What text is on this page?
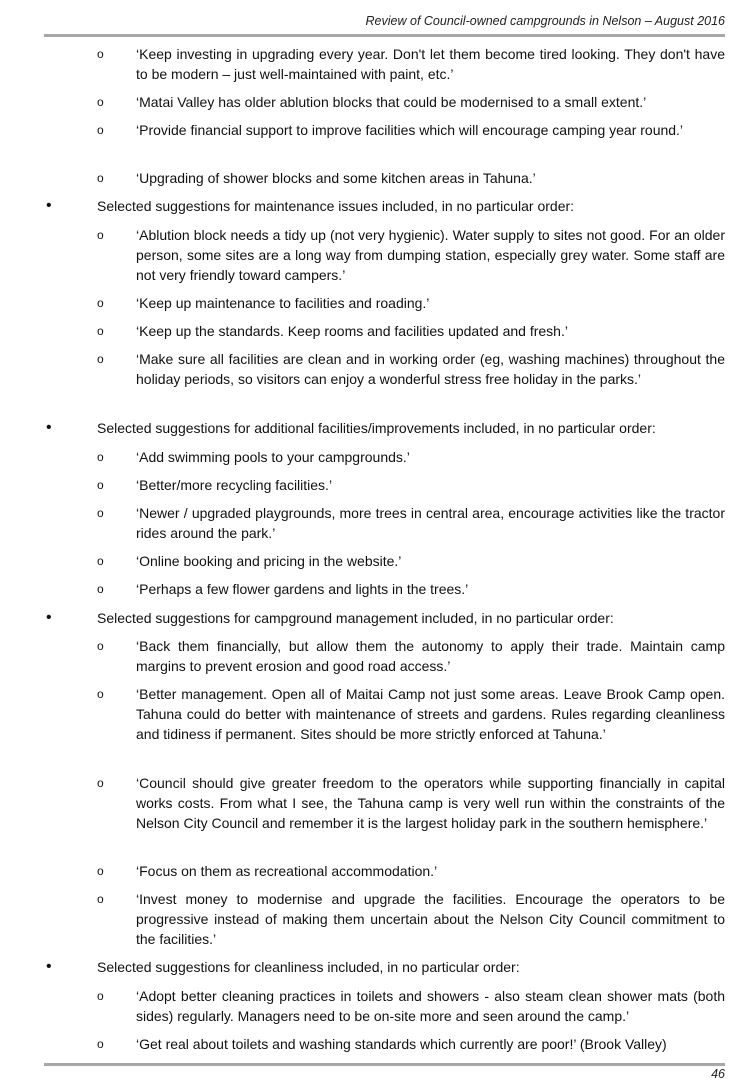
Review of Council-owned campgrounds in Nelson – August 2016
o ‘Keep investing in upgrading every year. Don't let them become tired looking. They don't have to be modern – just well-maintained with paint, etc.’

o ‘Matai Valley has older ablution blocks that could be modernised to a small extent.’

o ‘Provide financial support to improve facilities which will encourage camping year round.’

o ‘Upgrading of shower blocks and some kitchen areas in Tahuna.’

•	Selected suggestions for maintenance issues included, in no particular order:

o ‘Ablution block needs a tidy up (not very hygienic). Water supply to sites not good. For an older person, some sites are a long way from dumping station, especially grey water. Some staff are not very friendly toward campers.’

o ‘Keep up maintenance to facilities and roading.’

o ‘Keep up the standards. Keep rooms and facilities updated and fresh.’

o ‘Make sure all facilities are clean and in working order (eg, washing machines) throughout the holiday periods, so visitors can enjoy a wonderful stress free holiday in the parks.’

•	Selected suggestions for additional facilities/improvements included, in no particular order:

o ‘Add swimming pools to your campgrounds.’

o ‘Better/more recycling facilities.’

o ‘Newer / upgraded playgrounds, more trees in central area, encourage activities like the tractor rides around the park.’

o ‘Online booking and pricing in the website.’

o ‘Perhaps a few flower gardens and lights in the trees.’

•	Selected suggestions for campground management included, in no particular order:

o ‘Back them financially, but allow them the autonomy to apply their trade. Maintain camp margins to prevent erosion and good road access.’

o ‘Better management. Open all of Maitai Camp not just some areas. Leave Brook Camp open. Tahuna could do better with maintenance of streets and gardens. Rules regarding cleanliness and tidiness if permanent. Sites should be more strictly enforced at Tahuna.’

o ‘Council should give greater freedom to the operators while supporting financially in capital works costs. From what I see, the Tahuna camp is very well run within the constraints of the Nelson City Council and remember it is the largest holiday park in the southern hemisphere.’

o ‘Focus on them as recreational accommodation.’

o ‘Invest money to modernise and upgrade the facilities. Encourage the operators to be progressive instead of making them uncertain about the Nelson City Council commitment to the facilities.’

•	Selected suggestions for cleanliness included, in no particular order:

o ‘Adopt better cleaning practices in toilets and showers - also steam clean shower mats (both sides) regularly. Managers need to be on-site more and seen around the camp.’

o ‘Get real about toilets and washing standards which currently are poor!’ (Brook Valley)

46
